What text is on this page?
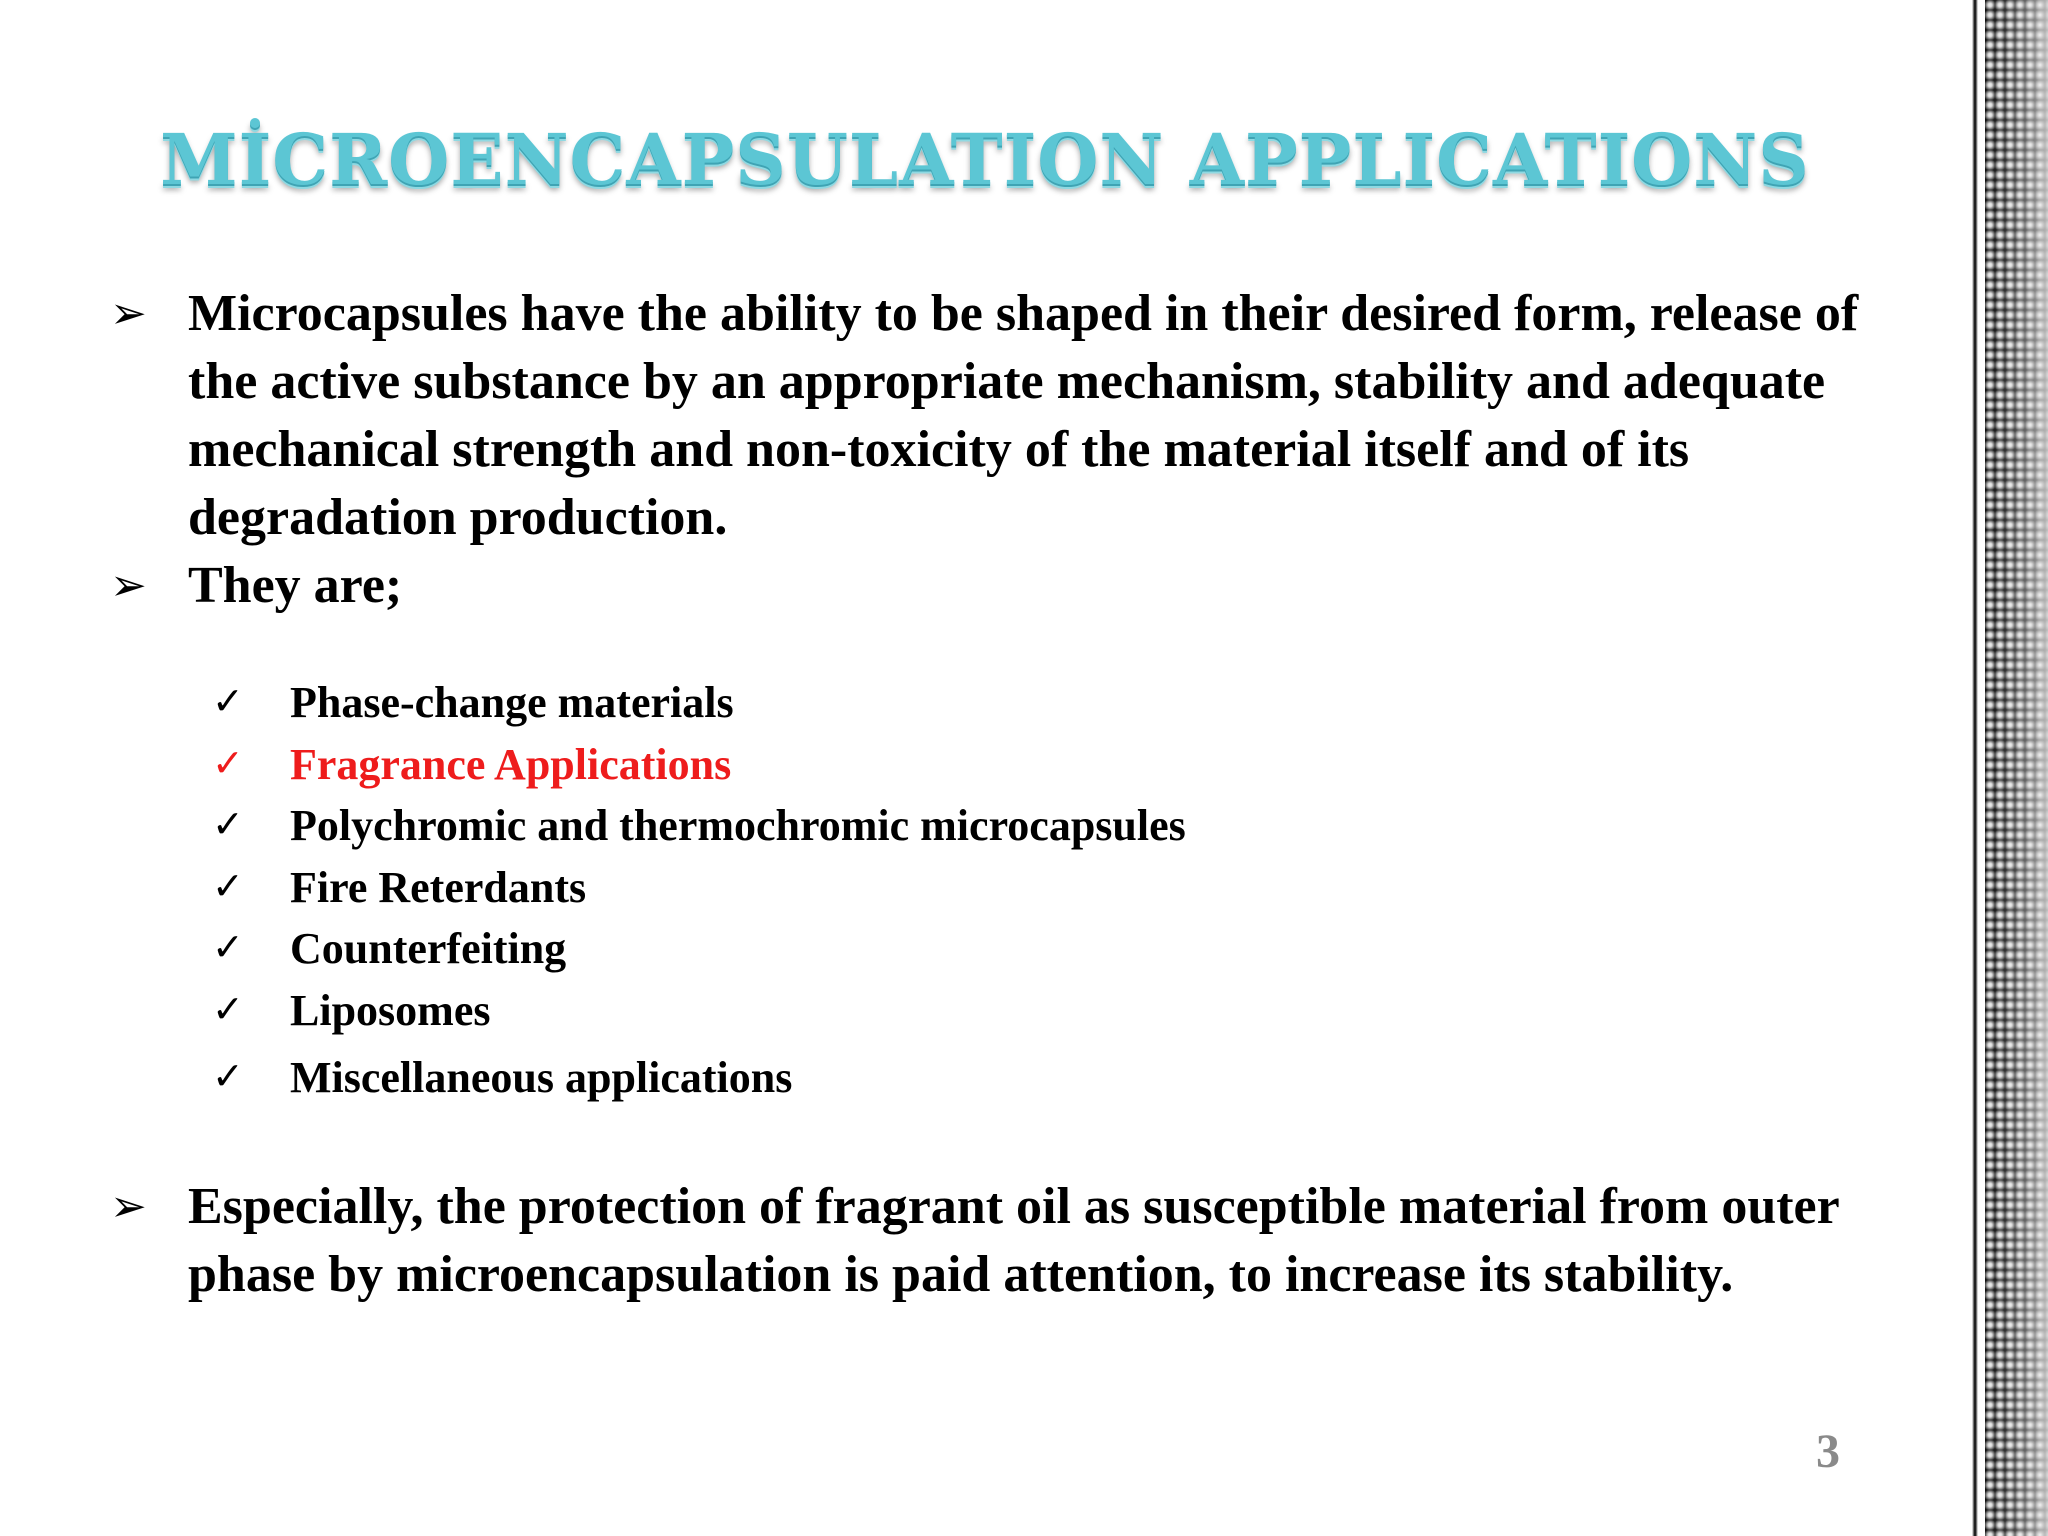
MİCROENCAPSULATION APPLICATIONS
➢ Microcapsules have the ability to be shaped in their desired form, release of the active substance by an appropriate mechanism, stability and adequate mechanical strength and non-toxicity of the material itself and of its degradation production.
➢ They are;
✓ Phase-change materials
✓ Fragrance Applications
✓ Polychromic and thermochromic microcapsules
✓ Fire Reterdants
✓ Counterfeiting
✓ Liposomes
✓ Miscellaneous applications
➢ Especially, the protection of fragrant oil as susceptible material from outer phase by microencapsulation is paid attention, to increase its stability.
3
